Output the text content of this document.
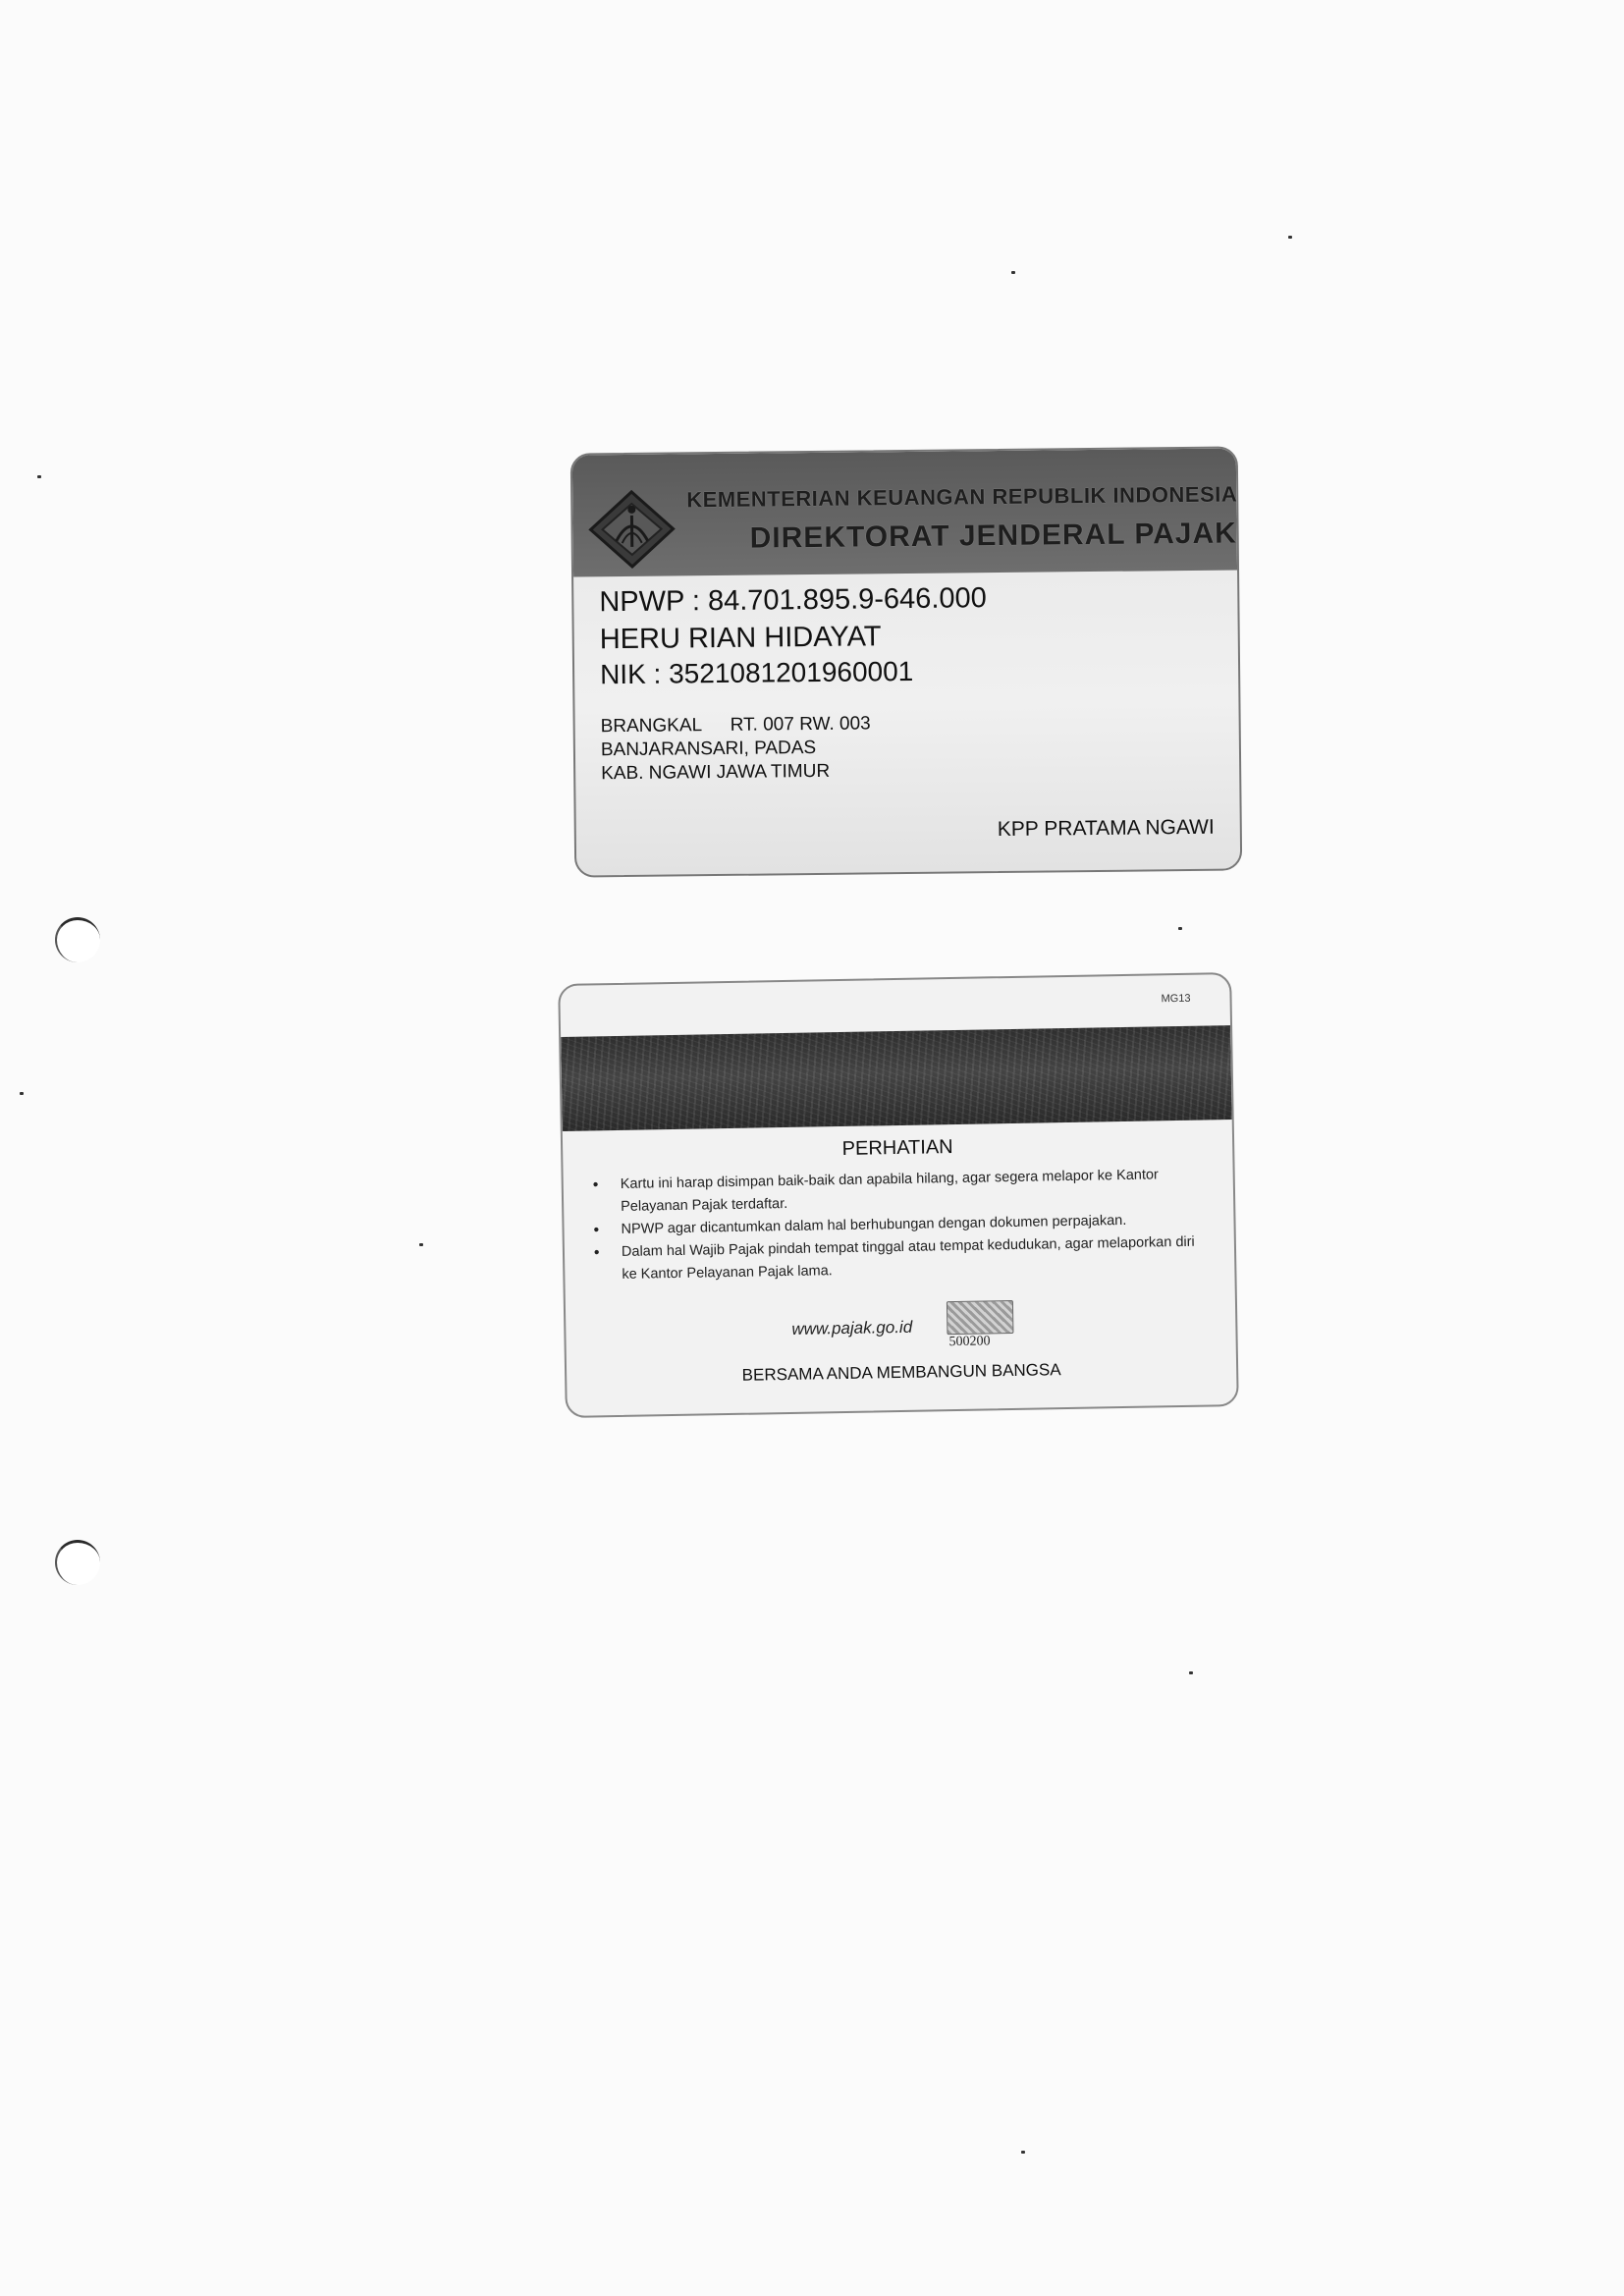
KEMENTERIAN KEUANGAN REPUBLIK INDONESIA
DIREKTORAT JENDERAL PAJAK
NPWP : 84.701.895.9-646.000
HERU RIAN HIDAYAT
NIK : 3521081201960001
BRANGKAL RT. 007 RW. 003
BANJARANSARI, PADAS
KAB. NGAWI JAWA TIMUR
KPP PRATAMA NGAWI
MG13
PERHATIAN
• Kartu ini harap disimpan baik-baik dan apabila hilang, agar segera melapor ke Kantor Pelayanan Pajak terdaftar.
• NPWP agar dicantumkan dalam hal berhubungan dengan dokumen perpajakan.
• Dalam hal Wajib Pajak pindah tempat tinggal atau tempat kedudukan, agar melaporkan diri ke Kantor Pelayanan Pajak lama.
www.pajak.go.id
500200
BERSAMA ANDA MEMBANGUN BANGSA
